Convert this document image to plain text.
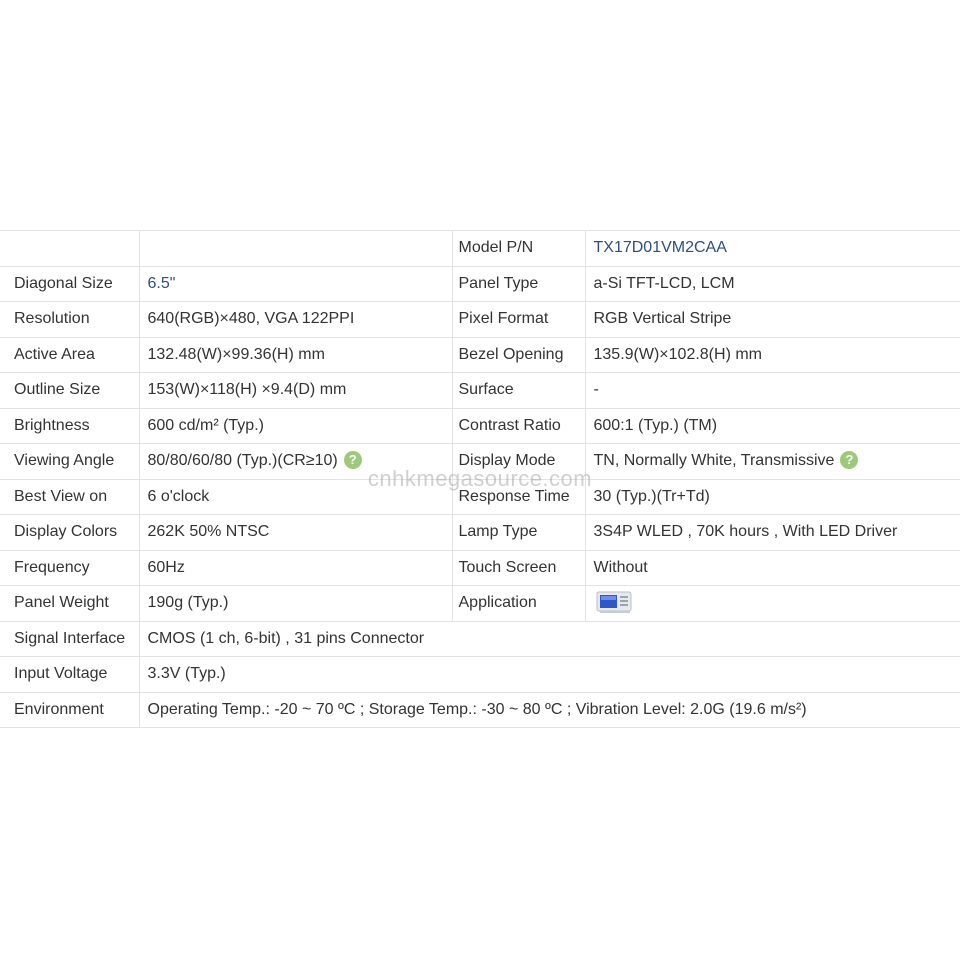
		Model P/N	TX17D01VM2CAA
Diagonal Size	6.5"	Panel Type	a-Si TFT-LCD, LCM
Resolution	640(RGB)×480, VGA 122PPI	Pixel Format	RGB Vertical Stripe
Active Area	132.48(W)×99.36(H) mm	Bezel Opening	135.9(W)×102.8(H) mm
Outline Size	153(W)×118(H) ×9.4(D) mm	Surface	-
Brightness	600 cd/m² (Typ.)	Contrast Ratio	600:1 (Typ.) (TM)
Viewing Angle	80/80/60/80 (Typ.)(CR≥10) ?	Display Mode	TN, Normally White, Transmissive ?
Best View on	6 o'clock	Response Time	30 (Typ.)(Tr+Td)
Display Colors	262K 50% NTSC	Lamp Type	3S4P WLED , 70K hours , With LED Driver
Frequency	60Hz	Touch Screen	Without
Panel Weight	190g (Typ.)	Application	
Signal Interface	CMOS (1 ch, 6-bit) , 31 pins Connector		
Input Voltage	3.3V (Typ.)		
Environment	Operating Temp.: -20 ~ 70 ºC ; Storage Temp.: -30 ~ 80 ºC ; Vibration Level: 2.0G (19.6 m/s²)		
cnhkmegasource.com
